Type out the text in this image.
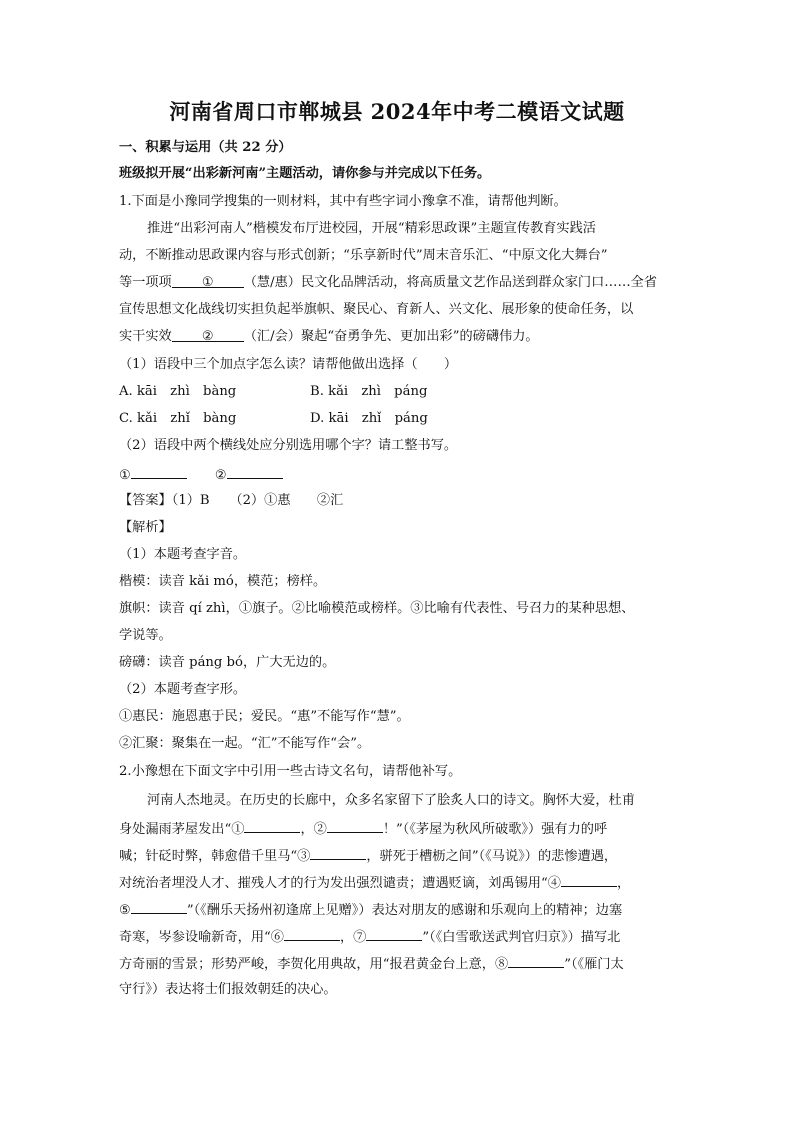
河南省周口市郸城县 2024年中考二模语文试题
一、积累与运用（共 22 分）
班级拟开展“出彩新河南”主题活动，请你参与并完成以下任务。
1.下面是小豫同学搜集的一则材料，其中有些字词小豫拿不准，请帮他判断。
推进“出彩河南人”楷模发布厅进校园，开展“精彩思政课”主题宣传教育实践活
动，不断推动思政课内容与形式创新；“乐享新时代”周末音乐汇、“中原文化大舞台”
等一项项 ① （慧/惠）民文化品牌活动，将高质量文艺作品送到群众家门口……全省
宣传思想文化战线切实担负起举旗帜、聚民心、育新人、兴文化、展形象的使命任务，以
实干实效 ② （汇/会）聚起“奋勇争先、更加出彩”的磅礴伟力。
（1）语段中三个加点字怎么读？请帮他做出选择（　　）
A. kāi　zhì　bàng	B. kǎi　zhì　páng
C. kǎi　zhǐ　bàng	D. kāi　zhǐ　páng
（2）语段中两个横线处应分别选用哪个字？请工整书写。
①	②
【答案】（1）B　　（2）①惠　　②汇
【解析】
（1）本题考查字音。
楷模：读音 kǎi mó，模范；榜样。
旗帜：读音 qí zhì，①旗子。②比喻模范或榜样。③比喻有代表性、号召力的某种思想、
学说等。
磅礴：读音 páng bó，广大无边的。
（2）本题考查字形。
①惠民：施恩惠于民；爱民。“惠”不能写作“慧”。
②汇聚：聚集在一起。“汇”不能写作“会”。
2.小豫想在下面文字中引用一些古诗文名句，请帮他补写。
河南人杰地灵。在历史的长廊中，众多名家留下了脍炙人口的诗文。胸怀大爱，杜甫
身处漏雨茅屋发出“①	，②	！”（《茅屋为秋风所破歌》）强有力的呼
喊；针砭时弊，韩愈借千里马“③	，骈死于槽枥之间”（《马说》）的悲惨遭遇，
对统治者埋没人才、摧残人才的行为发出强烈谴责；遭遇贬谪，刘禹锡用“④	，
⑤	”（《酬乐天扬州初逢席上见赠》）表达对朋友的感谢和乐观向上的精神；边塞
奇寒，岑参设喻新奇，用“⑥	，⑦	”（《白雪歌送武判官归京》）描写北
方奇丽的雪景；形势严峻，李贺化用典故，用“报君黄金台上意，⑧	”（《雁门太
守行》）表达将士们报效朝廷的决心。
